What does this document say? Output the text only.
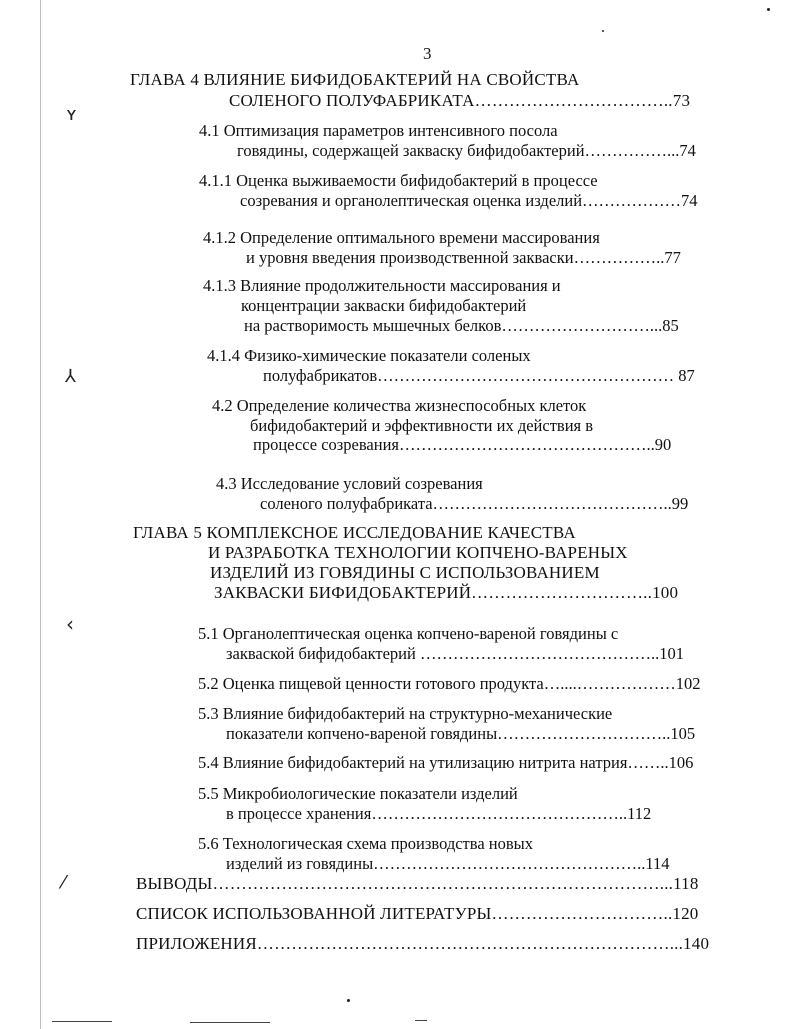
ʏ
⅄
‹
⁄
3
ГЛАВА 4 ВЛИЯНИЕ БИФИДОБАКТЕРИЙ НА СВОЙСТВА
СОЛЕНОГО ПОЛУФАБРИКАТА……………………………..73
4.1 Оптимизация параметров интенсивного посола
говядины, содержащей закваску бифидобактерий……………...74
4.1.1 Оценка выживаемости бифидобактерий в процессе
созревания и органолептическая оценка изделий………………74
4.1.2 Определение оптимального времени массирования
и уровня введения производственной закваски……………..77
4.1.3 Влияние продолжительности массирования и
концентрации закваски бифидобактерий
на растворимость мышечных белков………………………...85
4.1.4 Физико-химические показатели соленых
полуфабрикатов……………………………………………… 87
4.2 Определение количества жизнеспособных клеток
бифидобактерий и эффективности их действия в
процессе созревания………………………………………..90
4.3 Исследование условий созревания
соленого полуфабриката……………………………………..99
ГЛАВА 5 КОМПЛЕКСНОЕ ИССЛЕДОВАНИЕ КАЧЕСТВА
И РАЗРАБОТКА ТЕХНОЛОГИИ КОПЧЕНО-ВАРЕНЫХ
ИЗДЕЛИЙ ИЗ ГОВЯДИНЫ С ИСПОЛЬЗОВАНИЕМ
ЗАКВАСКИ БИФИДОБАКТЕРИЙ…………………………..100
5.1 Органолептическая оценка копчено-вареной говядины с
закваской бифидобактерий ……………………………………..101
5.2 Оценка пищевой ценности готового продукта…....………………102
5.3 Влияние бифидобактерий на структурно-механические
показатели копчено-вареной говядины…………………………..105
5.4 Влияние бифидобактерий на утилизацию нитрита натрия……..106
5.5 Микробиологические показатели изделий
в процессе хранения………………………………………..112
5.6 Технологическая схема производства новых
изделий из говядины…………………………………………..114
ВЫВОДЫ……………………………………………………………………...118
СПИСОК ИСПОЛЬЗОВАННОЙ ЛИТЕРАТУРЫ…………………………..120
ПРИЛОЖЕНИЯ………………………………………………………………...140
